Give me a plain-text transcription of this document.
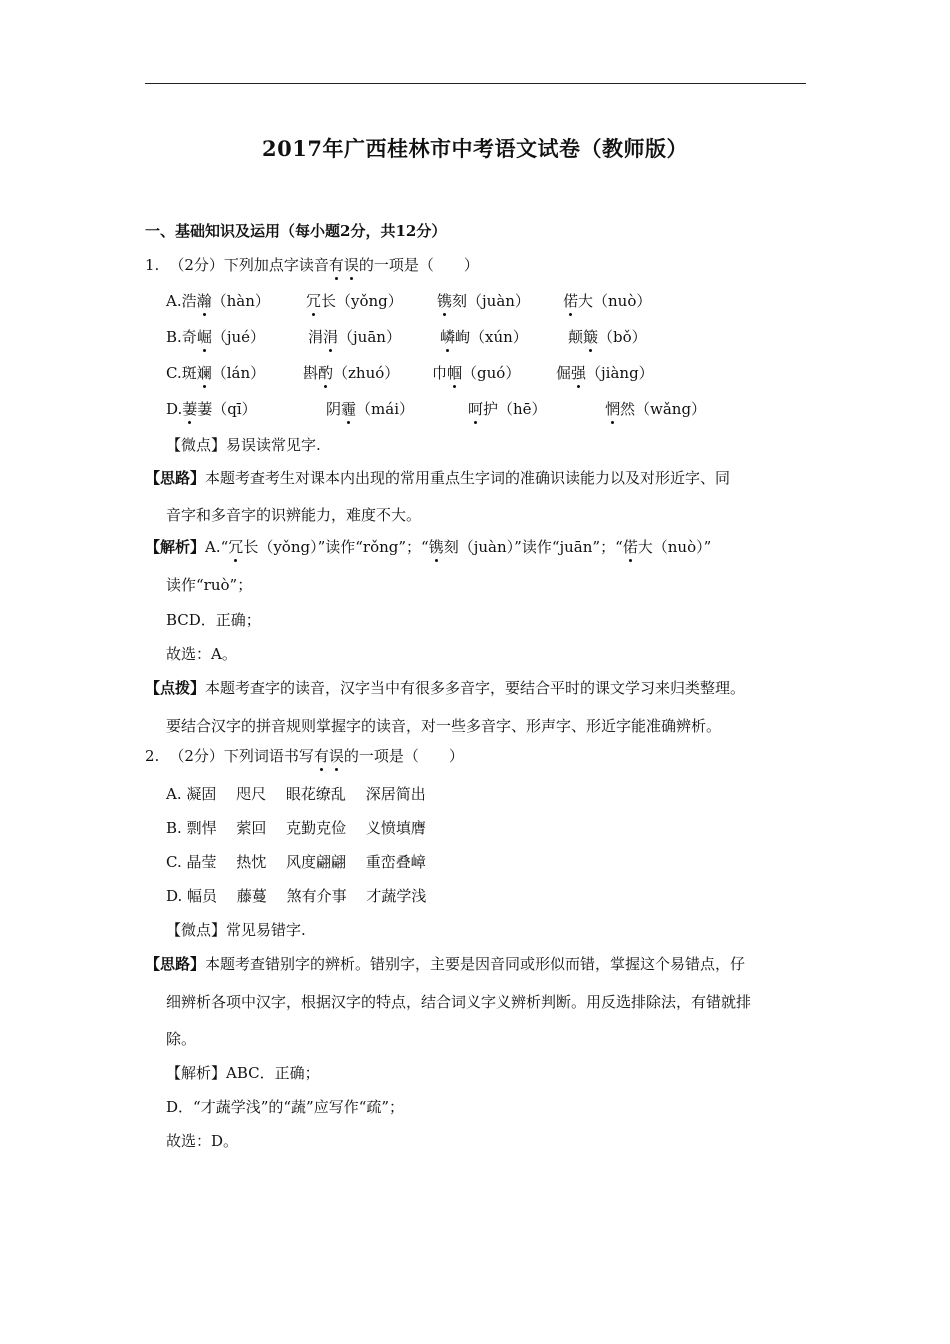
2017年广西桂林市中考语文试卷（教师版）
一、基础知识及运用（每小题2分，共12分）
1. （2分）下列加点字读音有误的一项是（　　）
A.浩瀚（hàn） 冗长（yǒng） 镌刻（juàn） 偌大（nuò）
B.奇崛（jué）	涓涓（juān）	嶙峋（xún）	颠簸（bǒ）
C.斑斓（lán）	斟酌（zhuó） 巾帼（guó） 倔强（jiàng）
D.萋萋（qī）	阴霾（mái）	呵护（hē）	惘然（wǎng）
【微点】易误读常见字.
【思路】本题考查考生对课本内出现的常用重点生字词的准确识读能力以及对形近字、同
音字和多音字的识辨能力，难度不大。
【解析】A.“冗长（yǒng）”读作“rǒng”；“镌刻（juàn）”读作“juān”；“偌大（nuò）”
读作“ruò”；
BCD．正确；
故选：A。
【点拨】本题考查字的读音，汉字当中有很多多音字，要结合平时的课文学习来归类整理。
要结合汉字的拼音规则掌握字的读音，对一些多音字、形声字、形近字能准确辨析。
2. （2分）下列词语书写有误的一项是（　　）
A. 凝固　 咫尺　 眼花缭乱　 深居简出
B. 剽悍　 萦回　 克勤克俭　 义愤填膺
C. 晶莹　 热忱　 风度翩翩　 重峦叠嶂
D. 幅员　 藤蔓　 煞有介事　 才蔬学浅
【微点】常见易错字.
【思路】本题考查错别字的辨析。错别字，主要是因音同或形似而错，掌握这个易错点，仔
细辨析各项中汉字，根据汉字的特点，结合词义字义辨析判断。用反选排除法，有错就排
除。
【解析】ABC．正确；
D．“才蔬学浅”的“蔬”应写作“疏”；
故选：D。
